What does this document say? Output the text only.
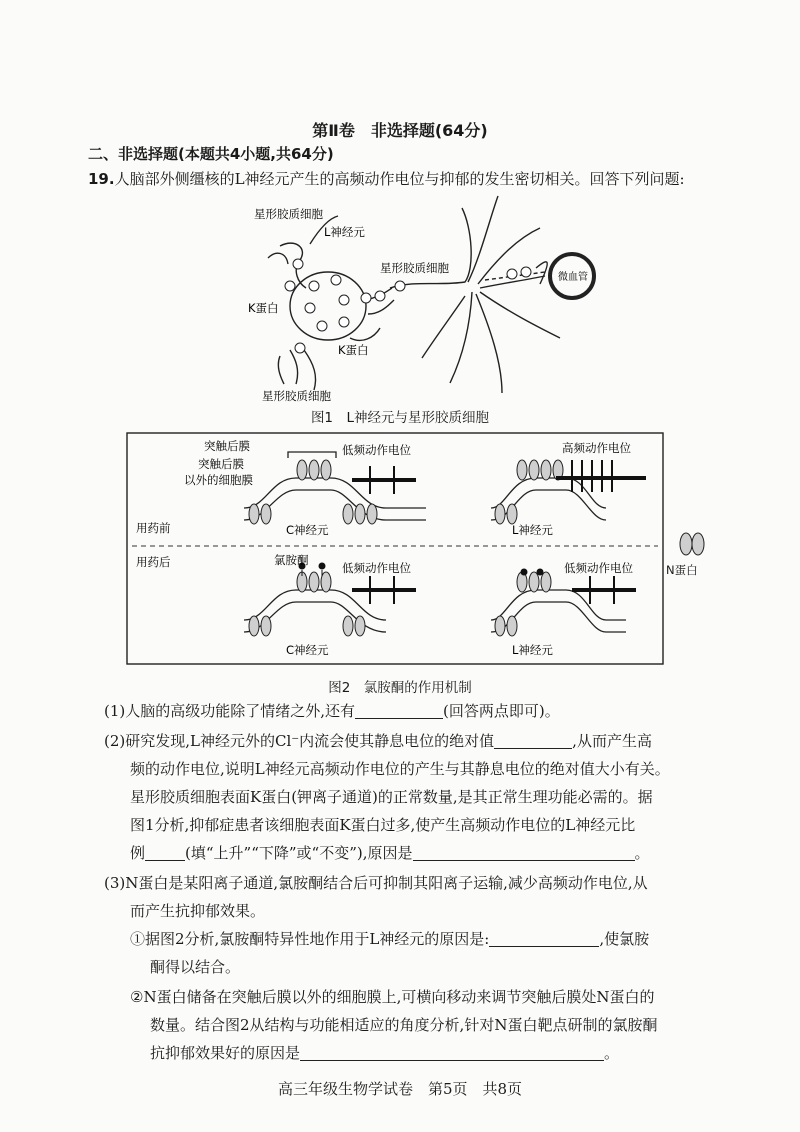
第Ⅱ卷　非选择题(64分)
二、非选择题(本题共4小题,共64分)
19.人脑部外侧缰核的L神经元产生的高频动作电位与抑郁的发生密切相关。回答下列问题:
星形胶质细胞
L神经元
星形胶质细胞
K蛋白
K蛋白
星形胶质细胞
微血管
图1　L神经元与星形胶质细胞
突触后膜
突触后膜
以外的细胞膜
低频动作电位	高频动作电位
C神经元	L神经元
用药前
用药后	氯胺酮
低频动作电位	低频动作电位
C神经元	L神经元
N蛋白
图2　氯胺酮的作用机制
(1)人脑的高级功能除了情绪之外,还有	(回答两点即可)。
(2)研究发现,L神经元外的Cl⁻内流会使其静息电位的绝对值	,从而产生高
频的动作电位,说明L神经元高频动作电位的产生与其静息电位的绝对值大小有关。
星形胶质细胞表面K蛋白(钾离子通道)的正常数量,是其正常生理功能必需的。据
图1分析,抑郁症患者该细胞表面K蛋白过多,使产生高频动作电位的L神经元比
例	(填“上升”“下降”或“不变”),原因是	。
(3)N蛋白是某阳离子通道,氯胺酮结合后可抑制其阳离子运输,减少高频动作电位,从
而产生抗抑郁效果。
①据图2分析,氯胺酮特异性地作用于L神经元的原因是:	,使氯胺
酮得以结合。
②N蛋白储备在突触后膜以外的细胞膜上,可横向移动来调节突触后膜处N蛋白的
数量。结合图2从结构与功能相适应的角度分析,针对N蛋白靶点研制的氯胺酮
抗抑郁效果好的原因是	。
高三年级生物学试卷　第5页　共8页
